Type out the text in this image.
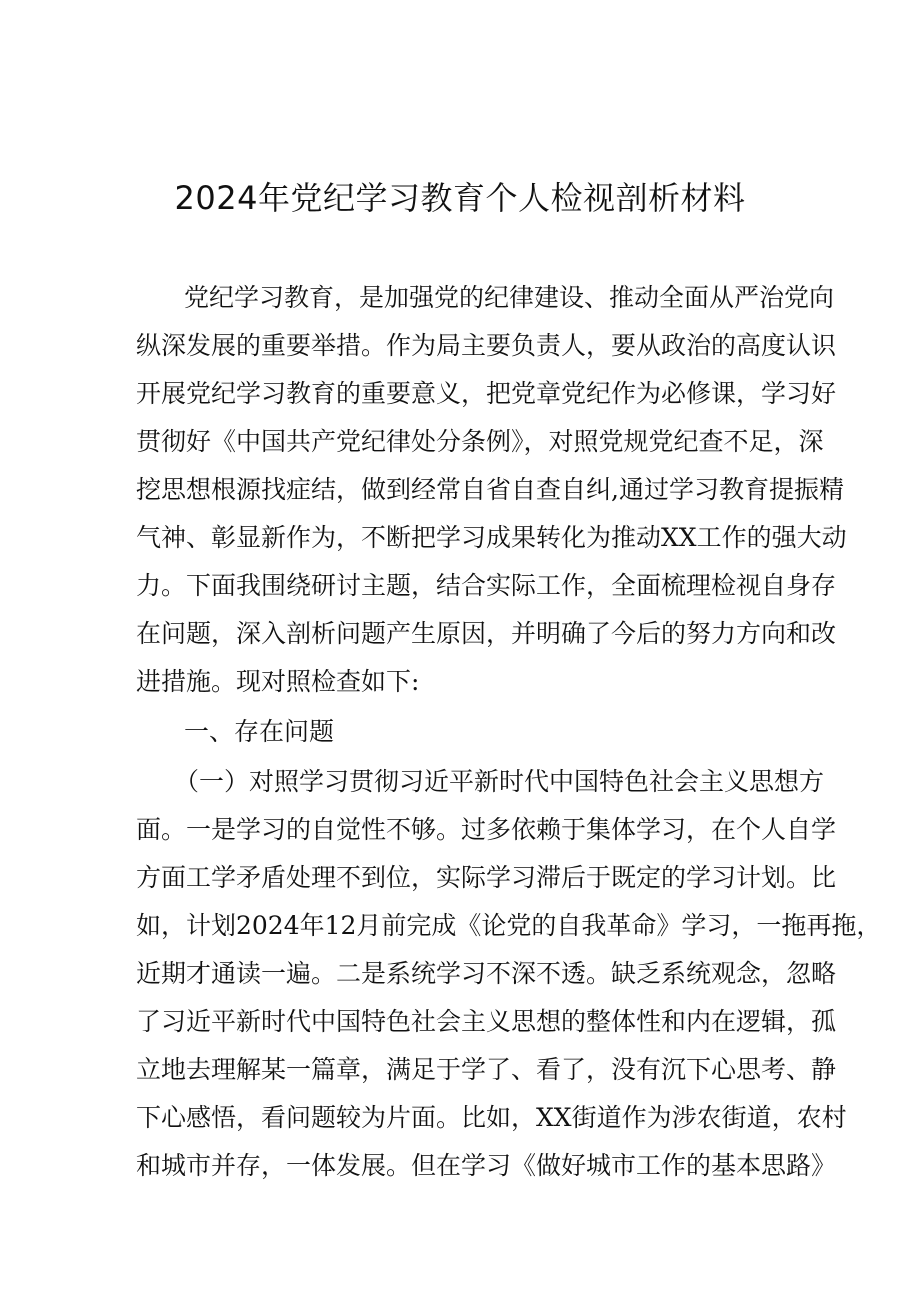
2024年党纪学习教育个人检视剖析材料
党纪学习教育，是加强党的纪律建设、推动全面从严治党向
纵深发展的重要举措。作为局主要负责人，要从政治的高度认识
开展党纪学习教育的重要意义，把党章党纪作为必修课，学习好
贯彻好《中国共产党纪律处分条例》，对照党规党纪查不足，深
挖思想根源找症结，做到经常自省自查自纠,通过学习教育提振精
气神、彰显新作为，不断把学习成果转化为推动XX工作的强大动
力。下面我围绕研讨主题，结合实际工作，全面梳理检视自身存
在问题，深入剖析问题产生原因，并明确了今后的努力方向和改
进措施。现对照检查如下:
一、存在问题
（一）对照学习贯彻习近平新时代中国特色社会主义思想方
面。一是学习的自觉性不够。过多依赖于集体学习，在个人自学
方面工学矛盾处理不到位，实际学习滞后于既定的学习计划。比
如，计划2024年12月前完成《论党的自我革命》学习，一拖再拖，
近期才通读一遍。二是系统学习不深不透。缺乏系统观念，忽略
了习近平新时代中国特色社会主义思想的整体性和内在逻辑，孤
立地去理解某一篇章，满足于学了、看了，没有沉下心思考、静
下心感悟，看问题较为片面。比如，XX街道作为涉农街道，农村
和城市并存，一体发展。但在学习《做好城市工作的基本思路》
